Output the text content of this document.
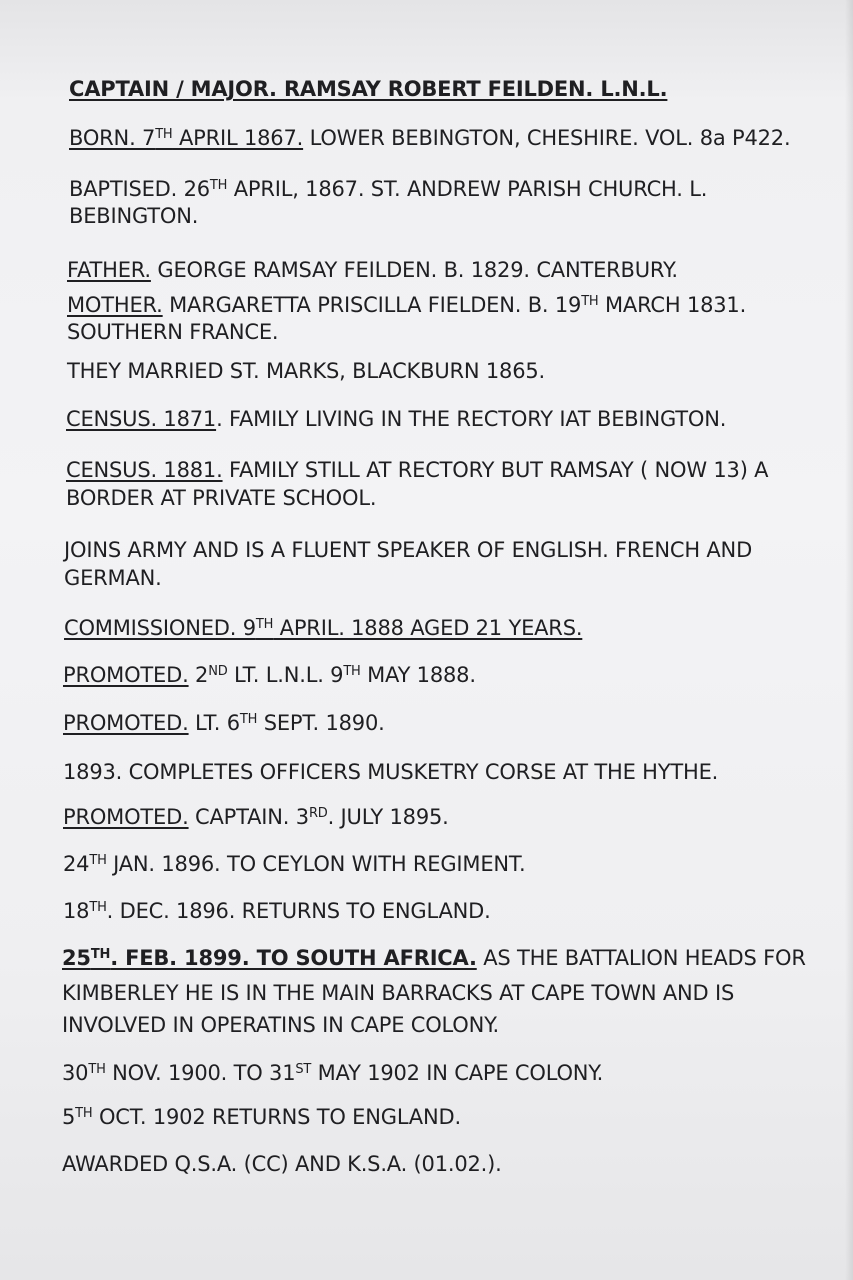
CAPTAIN / MAJOR. RAMSAY ROBERT FEILDEN. L.N.L.
BORN. 7TH APRIL 1867. LOWER BEBINGTON, CHESHIRE. VOL. 8a P422.
BAPTISED. 26TH APRIL, 1867. ST. ANDREW PARISH CHURCH. L.
BEBINGTON.
FATHER. GEORGE RAMSAY FEILDEN. B. 1829. CANTERBURY.
MOTHER. MARGARETTA PRISCILLA FIELDEN. B. 19TH MARCH 1831.
SOUTHERN FRANCE.
THEY MARRIED ST. MARKS, BLACKBURN 1865.
CENSUS. 1871. FAMILY LIVING IN THE RECTORY IAT BEBINGTON.
CENSUS. 1881. FAMILY STILL AT RECTORY BUT RAMSAY ( NOW 13) A
BORDER AT PRIVATE SCHOOL.
JOINS ARMY AND IS A FLUENT SPEAKER OF ENGLISH. FRENCH AND
GERMAN.
COMMISSIONED. 9TH APRIL. 1888 AGED 21 YEARS.
PROMOTED. 2ND LT. L.N.L. 9TH MAY 1888.
PROMOTED. LT. 6TH SEPT. 1890.
1893. COMPLETES OFFICERS MUSKETRY CORSE AT THE HYTHE.
PROMOTED. CAPTAIN. 3RD. JULY 1895.
24TH JAN. 1896. TO CEYLON WITH REGIMENT.
18TH. DEC. 1896. RETURNS TO ENGLAND.
25TH. FEB. 1899. TO SOUTH AFRICA. AS THE BATTALION HEADS FOR
KIMBERLEY HE IS IN THE MAIN BARRACKS AT CAPE TOWN AND IS
INVOLVED IN OPERATINS IN CAPE COLONY.
30TH NOV. 1900. TO 31ST MAY 1902 IN CAPE COLONY.
5TH OCT. 1902 RETURNS TO ENGLAND.
AWARDED Q.S.A. (CC) AND K.S.A. (01.02.).
